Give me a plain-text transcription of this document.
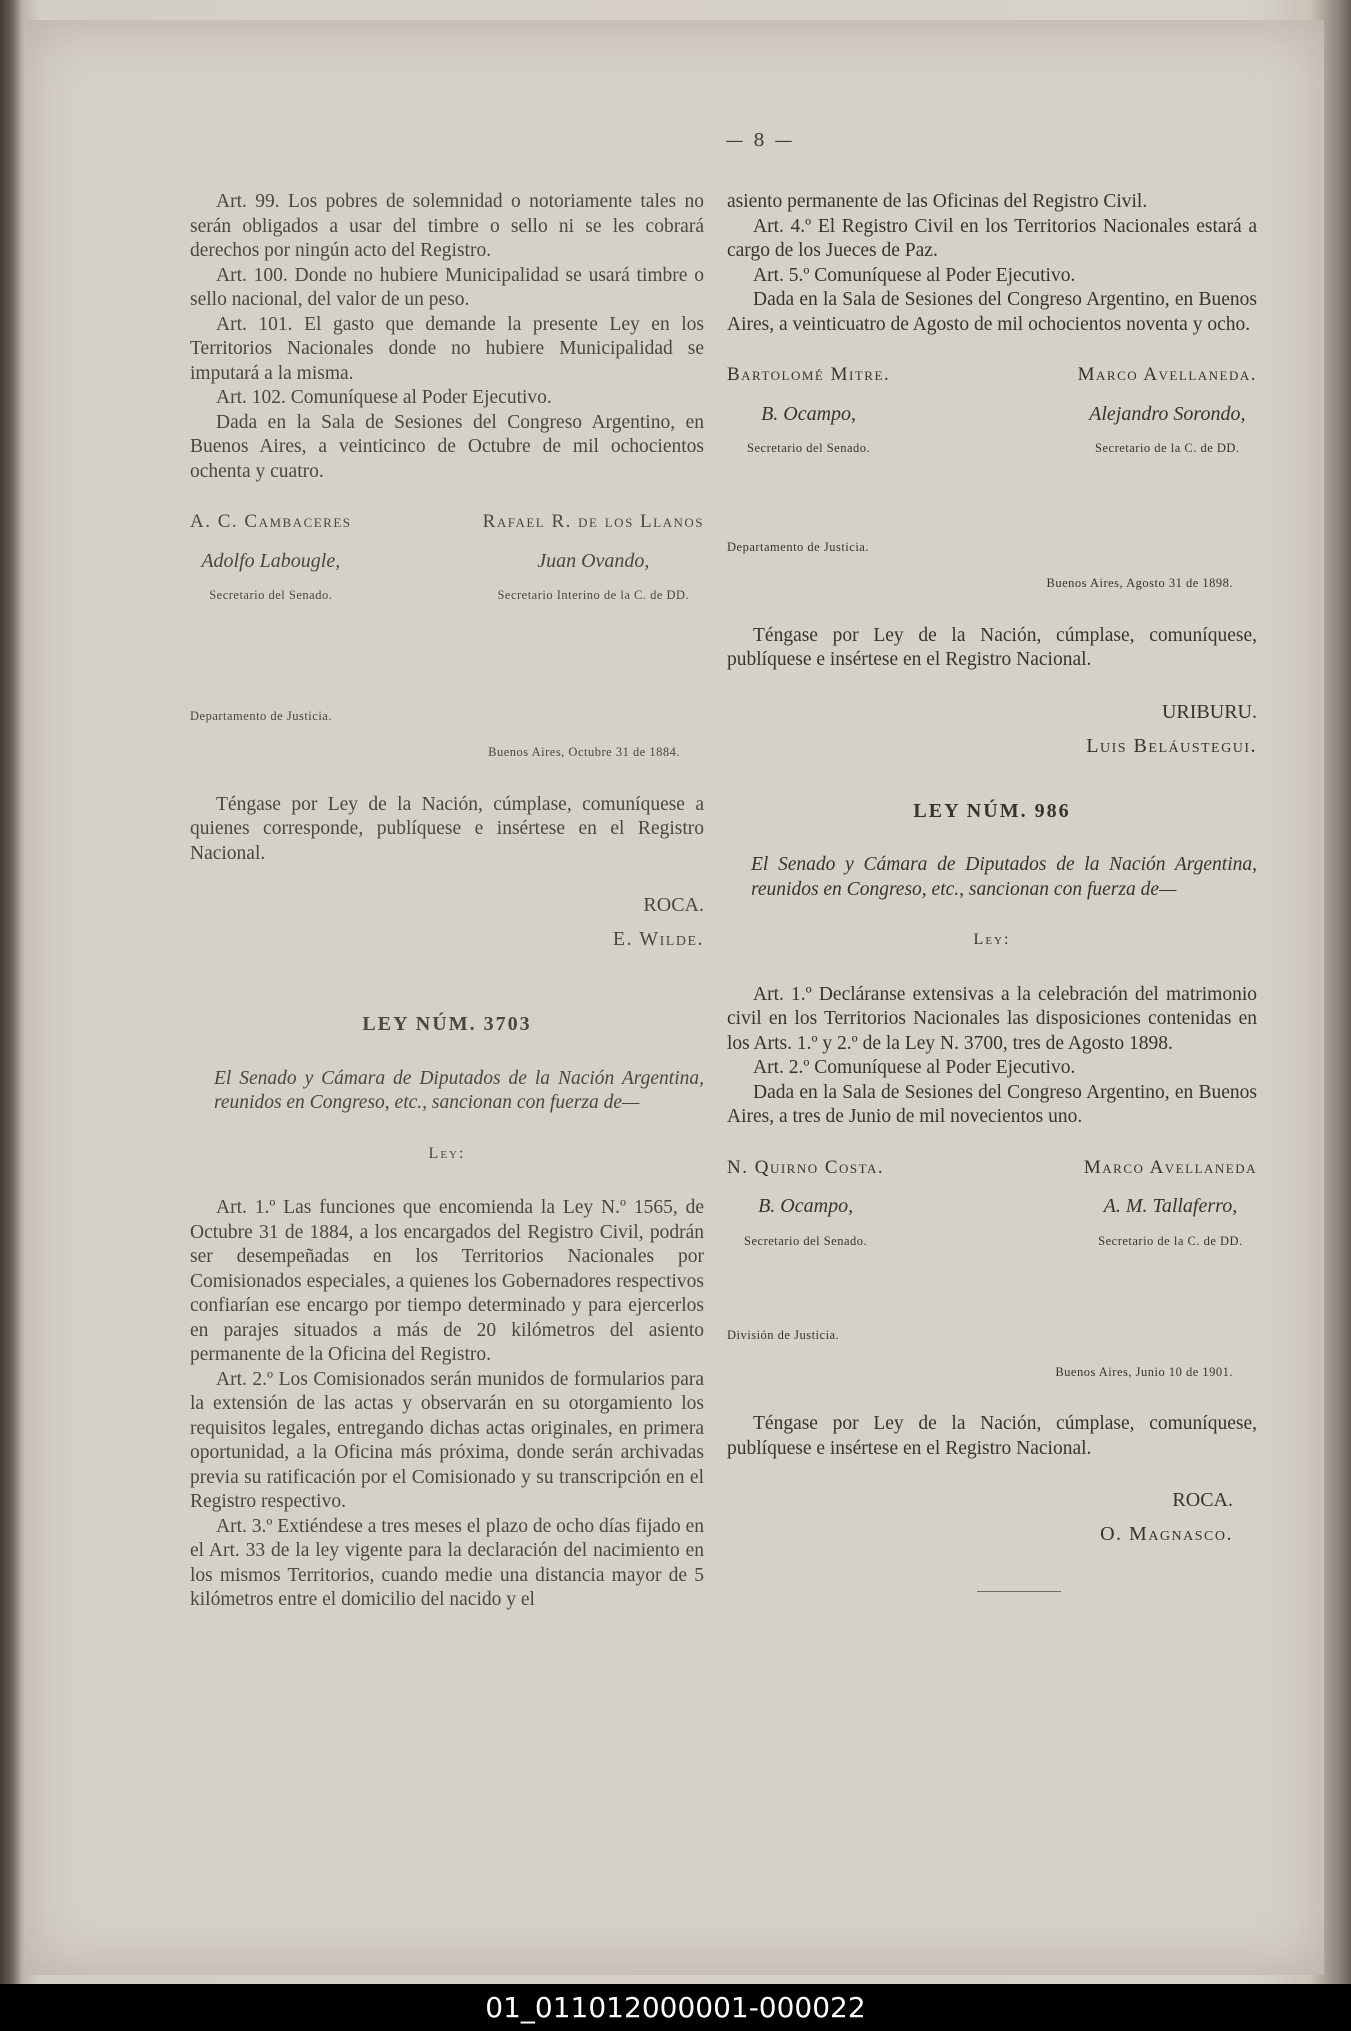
— 8 —

Art. 99. Los pobres de solemnidad o notoriamente tales no serán obligados a usar del timbre o sello ni se les cobrará derechos por ningún acto del Registro.

Art. 100. Donde no hubiere Municipalidad se usará timbre o sello nacional, del valor de un peso.

Art. 101. El gasto que demande la presente Ley en los Territorios Nacionales donde no hubiere Municipalidad se imputará a la misma.

Art. 102. Comuníquese al Poder Ejecutivo.

Dada en la Sala de Sesiones del Congreso Argentino, en Buenos Aires, a veinticinco de Octubre de mil ochocientos ochenta y cuatro.

A. C. Cambaceres
Adolfo Labougle,
Secretario del Senado.
Rafael R. de los Llanos
Juan Ovando,
Secretario Interino de la C. de DD.
Departamento de Justicia.
Buenos Aires, Octubre 31 de 1884.

Téngase por Ley de la Nación, cúmplase, comuníquese a quienes corresponde, publíquese e insértese en el Registro Nacional.

ROCA.
E. Wilde.
LEY NÚM. 3703

El Senado y Cámara de Diputados de la Nación Argentina, reunidos en Congreso, etc., sancionan con fuerza de—

Ley:

Art. 1.º Las funciones que encomienda la Ley N.º 1565, de Octubre 31 de 1884, a los encargados del Registro Civil, podrán ser desempeñadas en los Territorios Nacionales por Comisionados especiales, a quienes los Gobernadores respectivos confiarían ese encargo por tiempo determinado y para ejercerlos en parajes situados a más de 20 kilómetros del asiento permanente de la Oficina del Registro.

Art. 2.º Los Comisionados serán munidos de formularios para la extensión de las actas y observarán en su otorgamiento los requisitos legales, entregando dichas actas originales, en primera oportunidad, a la Oficina más próxima, donde serán archivadas previa su ratificación por el Comisionado y su transcripción en el Registro respectivo.

Art. 3.º Extiéndese a tres meses el plazo de ocho días fijado en el Art. 33 de la ley vigente para la declaración del nacimiento en los mismos Territorios, cuando medie una distancia mayor de 5 kilómetros entre el domicilio del nacido y el

asiento permanente de las Oficinas del Registro Civil.

Art. 4.º El Registro Civil en los Territorios Nacionales estará a cargo de los Jueces de Paz.

Art. 5.º Comuníquese al Poder Ejecutivo.

Dada en la Sala de Sesiones del Congreso Argentino, en Buenos Aires, a veinticuatro de Agosto de mil ochocientos noventa y ocho.

Bartolomé Mitre.
B. Ocampo,
Secretario del Senado.
Marco Avellaneda.
Alejandro Sorondo,
Secretario de la C. de DD.
Departamento de Justicia.
Buenos Aires, Agosto 31 de 1898.

Téngase por Ley de la Nación, cúmplase, comuníquese, publíquese e insértese en el Registro Nacional.

URIBURU.
Luis Beláustegui.
LEY NÚM. 986

El Senado y Cámara de Diputados de la Nación Argentina, reunidos en Congreso, etc., sancionan con fuerza de—

Ley:

Art. 1.º Decláranse extensivas a la celebración del matrimonio civil en los Territorios Nacionales las disposiciones contenidas en los Arts. 1.º y 2.º de la Ley N. 3700, tres de Agosto 1898.

Art. 2.º Comuníquese al Poder Ejecutivo.

Dada en la Sala de Sesiones del Congreso Argentino, en Buenos Aires, a tres de Junio de mil novecientos uno.

N. Quirno Costa.
B. Ocampo,
Secretario del Senado.
Marco Avellaneda
A. M. Tallaferro,
Secretario de la C. de DD.
División de Justicia.
Buenos Aires, Junio 10 de 1901.

Téngase por Ley de la Nación, cúmplase, comuníquese, publíquese e insértese en el Registro Nacional.

ROCA.
O. Magnasco.
01_011012000001-000022
